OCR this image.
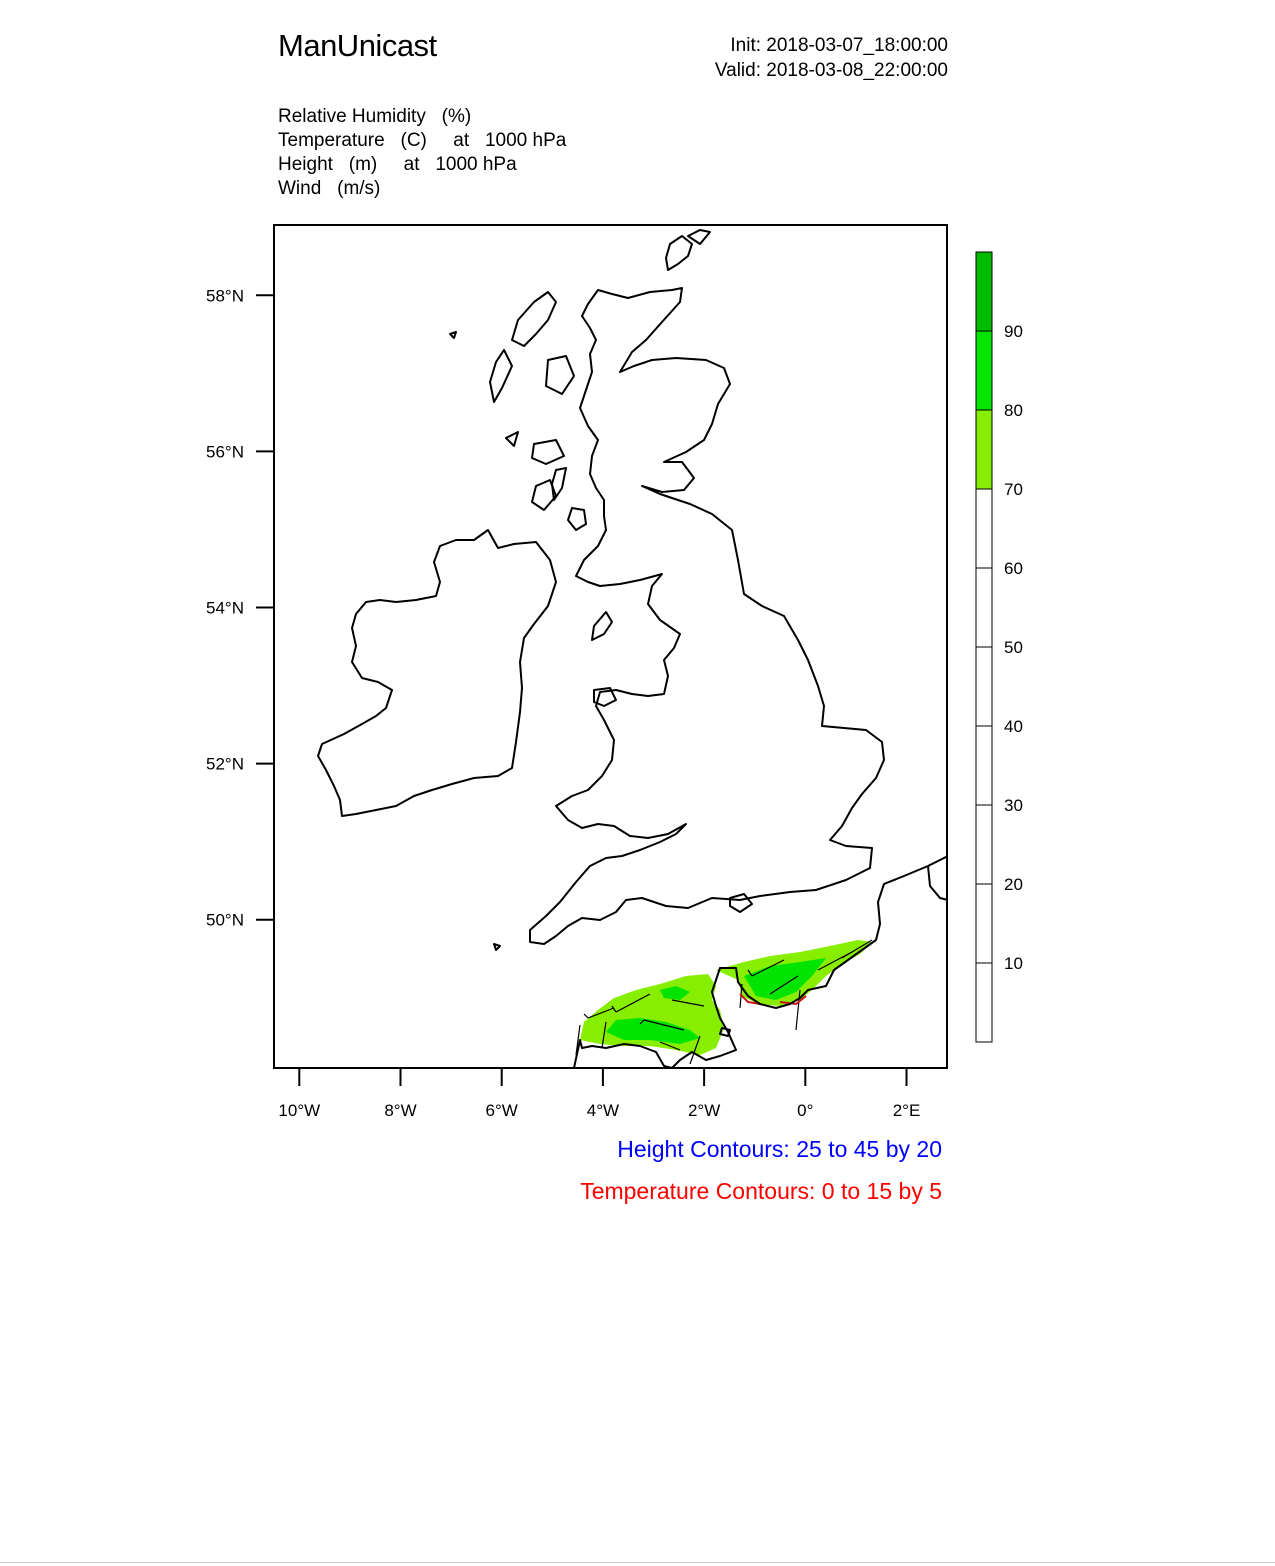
ManUnicast	Init: 2018-03-07_18:00:00
Valid: 2018-03-08_22:00:00
Relative Humidity   (%)
Temperature   (C)     at   1000 hPa
Height   (m)     at   1000 hPa
Wind   (m/s)
58°N
56°N
54°N
52°N
50°N
10°W	8°W	6°W	4°W	2°W	0°	2°E
10
20
30
40
50
60
70
80
90
Height Contours: 25 to 45 by 20
Temperature Contours: 0 to 15 by 5
